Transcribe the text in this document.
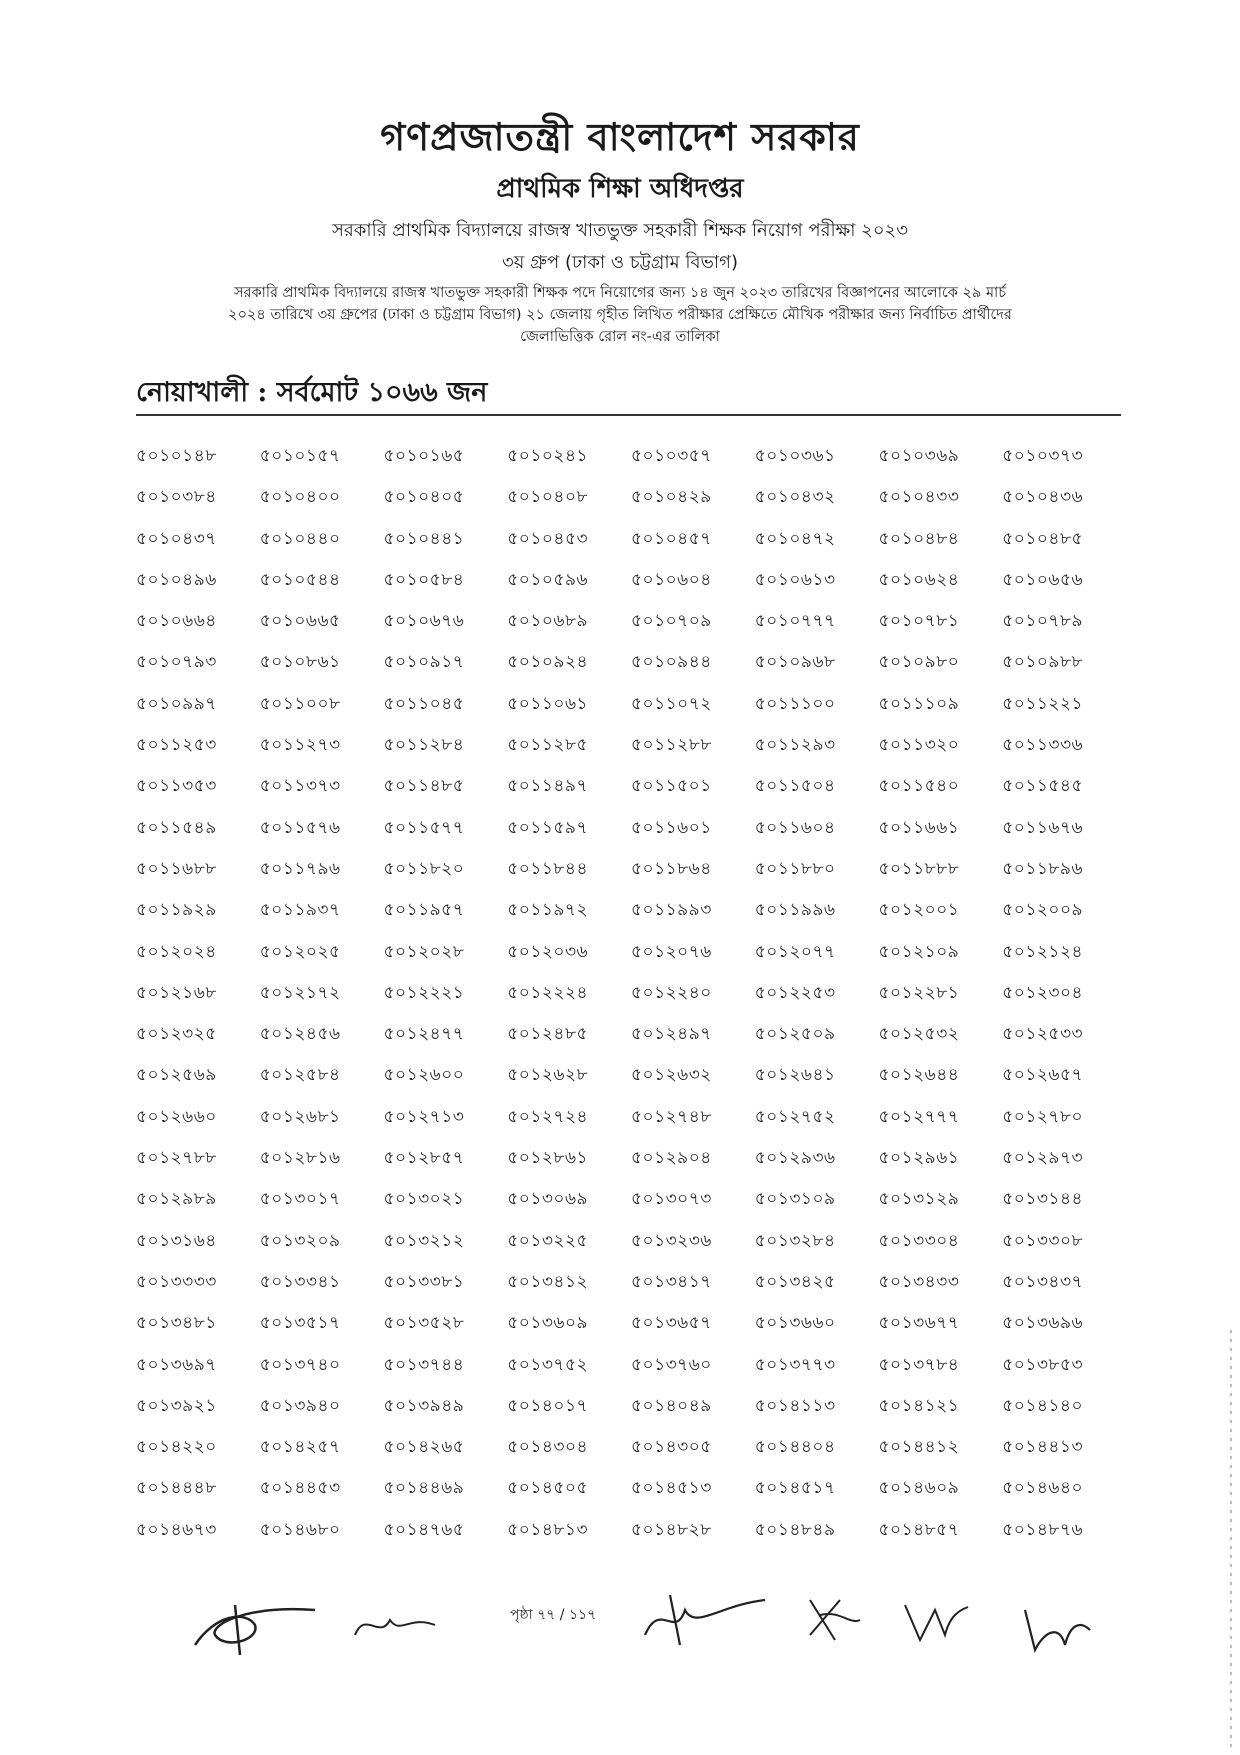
গণপ্রজাতন্ত্রী বাংলাদেশ সরকার
প্রাথমিক শিক্ষা অধিদপ্তর
সরকারি প্রাথমিক বিদ্যালয়ে রাজস্ব খাতভুক্ত সহকারী শিক্ষক নিয়োগ পরীক্ষা ২০২৩
৩য় গ্রুপ (ঢাকা ও চট্টগ্রাম বিভাগ)
সরকারি প্রাথমিক বিদ্যালয়ে রাজস্ব খাতভুক্ত সহকারী শিক্ষক পদে নিয়োগের জন্য ১৪ জুন ২০২৩ তারিখের বিজ্ঞাপনের আলোকে ২৯ মার্চ
২০২৪ তারিখে ৩য় গ্রুপের (ঢাকা ও চট্টগ্রাম বিভাগ) ২১ জেলায় গৃহীত লিখিত পরীক্ষার প্রেক্ষিতে মৌখিক পরীক্ষার জন্য নির্বাচিত প্রার্থীদের
জেলাভিত্তিক রোল নং-এর তালিকা
নোয়াখালী : সর্বমোট ১০৬৬ জন
৫০১০১৪৮	৫০১০১৫৭	৫০১০১৬৫	৫০১০২৪১	৫০১০৩৫৭	৫০১০৩৬১	৫০১০৩৬৯	৫০১০৩৭৩
৫০১০৩৮৪	৫০১০৪০০	৫০১০৪০৫	৫০১০৪০৮	৫০১০৪২৯	৫০১০৪৩২	৫০১০৪৩৩	৫০১০৪৩৬
৫০১০৪৩৭	৫০১০৪৪০	৫০১০৪৪১	৫০১০৪৫৩	৫০১০৪৫৭	৫০১০৪৭২	৫০১০৪৮৪	৫০১০৪৮৫
৫০১০৪৯৬	৫০১০৫৪৪	৫০১০৫৮৪	৫০১০৫৯৬	৫০১০৬০৪	৫০১০৬১৩	৫০১০৬২৪	৫০১০৬৫৬
৫০১০৬৬৪	৫০১০৬৬৫	৫০১০৬৭৬	৫০১০৬৮৯	৫০১০৭০৯	৫০১০৭৭৭	৫০১০৭৮১	৫০১০৭৮৯
৫০১০৭৯৩	৫০১০৮৬১	৫০১০৯১৭	৫০১০৯২৪	৫০১০৯৪৪	৫০১০৯৬৮	৫০১০৯৮০	৫০১০৯৮৮
৫০১০৯৯৭	৫০১১০০৮	৫০১১০৪৫	৫০১১০৬১	৫০১১০৭২	৫০১১১০০	৫০১১১০৯	৫০১১২২১
৫০১১২৫৩	৫০১১২৭৩	৫০১১২৮৪	৫০১১২৮৫	৫০১১২৮৮	৫০১১২৯৩	৫০১১৩২০	৫০১১৩৩৬
৫০১১৩৫৩	৫০১১৩৭৩	৫০১১৪৮৫	৫০১১৪৯৭	৫০১১৫০১	৫০১১৫০৪	৫০১১৫৪০	৫০১১৫৪৫
৫০১১৫৪৯	৫০১১৫৭৬	৫০১১৫৭৭	৫০১১৫৯৭	৫০১১৬০১	৫০১১৬০৪	৫০১১৬৬১	৫০১১৬৭৬
৫০১১৬৮৮	৫০১১৭৯৬	৫০১১৮২০	৫০১১৮৪৪	৫০১১৮৬৪	৫০১১৮৮০	৫০১১৮৮৮	৫০১১৮৯৬
৫০১১৯২৯	৫০১১৯৩৭	৫০১১৯৫৭	৫০১১৯৭২	৫০১১৯৯৩	৫০১১৯৯৬	৫০১২০০১	৫০১২০০৯
৫০১২০২৪	৫০১২০২৫	৫০১২০২৮	৫০১২০৩৬	৫০১২০৭৬	৫০১২০৭৭	৫০১২১০৯	৫০১২১২৪
৫০১২১৬৮	৫০১২১৭২	৫০১২২২১	৫০১২২২৪	৫০১২২৪০	৫০১২২৫৩	৫০১২২৮১	৫০১২৩০৪
৫০১২৩২৫	৫০১২৪৫৬	৫০১২৪৭৭	৫০১২৪৮৫	৫০১২৪৯৭	৫০১২৫০৯	৫০১২৫৩২	৫০১২৫৩৩
৫০১২৫৬৯	৫০১২৫৮৪	৫০১২৬০০	৫০১২৬২৮	৫০১২৬৩২	৫০১২৬৪১	৫০১২৬৪৪	৫০১২৬৫৭
৫০১২৬৬০	৫০১২৬৮১	৫০১২৭১৩	৫০১২৭২৪	৫০১২৭৪৮	৫০১২৭৫২	৫০১২৭৭৭	৫০১২৭৮০
৫০১২৭৮৮	৫০১২৮১৬	৫০১২৮৫৭	৫০১২৮৬১	৫০১২৯০৪	৫০১২৯৩৬	৫০১২৯৬১	৫০১২৯৭৩
৫০১২৯৮৯	৫০১৩০১৭	৫০১৩০২১	৫০১৩০৬৯	৫০১৩০৭৩	৫০১৩১০৯	৫০১৩১২৯	৫০১৩১৪৪
৫০১৩১৬৪	৫০১৩২০৯	৫০১৩২১২	৫০১৩২২৫	৫০১৩২৩৬	৫০১৩২৮৪	৫০১৩৩০৪	৫০১৩৩০৮
৫০১৩৩৩৩	৫০১৩৩৪১	৫০১৩৩৮১	৫০১৩৪১২	৫০১৩৪১৭	৫০১৩৪২৫	৫০১৩৪৩৩	৫০১৩৪৩৭
৫০১৩৪৮১	৫০১৩৫১৭	৫০১৩৫২৮	৫০১৩৬০৯	৫০১৩৬৫৭	৫০১৩৬৬০	৫০১৩৬৭৭	৫০১৩৬৯৬
৫০১৩৬৯৭	৫০১৩৭৪০	৫০১৩৭৪৪	৫০১৩৭৫২	৫০১৩৭৬০	৫০১৩৭৭৩	৫০১৩৭৮৪	৫০১৩৮৫৩
৫০১৩৯২১	৫০১৩৯৪০	৫০১৩৯৪৯	৫০১৪০১৭	৫০১৪০৪৯	৫০১৪১১৩	৫০১৪১২১	৫০১৪১৪০
৫০১৪২২০	৫০১৪২৫৭	৫০১৪২৬৫	৫০১৪৩০৪	৫০১৪৩০৫	৫০১৪৪০৪	৫০১৪৪১২	৫০১৪৪১৩
৫০১৪৪৪৮	৫০১৪৪৫৩	৫০১৪৪৬৯	৫০১৪৫০৫	৫০১৪৫১৩	৫০১৪৫১৭	৫০১৪৬০৯	৫০১৪৬৪০
৫০১৪৬৭৩	৫০১৪৬৮০	৫০১৪৭৬৫	৫০১৪৮১৩	৫০১৪৮২৮	৫০১৪৮৪৯	৫০১৪৮৫৭	৫০১৪৮৭৬
পৃষ্ঠা ৭৭ / ১১৭
